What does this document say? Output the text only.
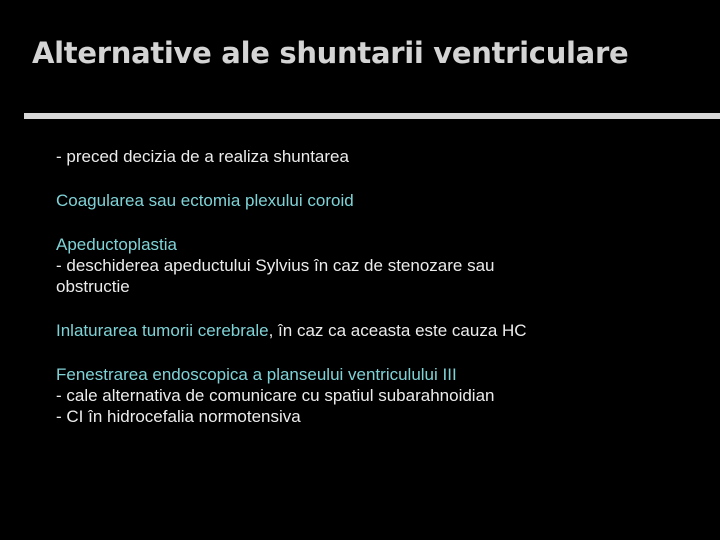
Alternative ale shuntarii ventriculare

- preced decizia de a realiza shuntarea

Coagularea sau ectomia plexului coroid

Apeductoplastia
- deschiderea apeductului Sylvius în caz de stenozare sau
obstructie

Inlaturarea tumorii cerebrale, în caz ca aceasta este cauza HC

Fenestrarea endoscopica a planseului ventriculului III
- cale alternativa de comunicare cu spatiul subarahnoidian
- CI în hidrocefalia normotensiva
